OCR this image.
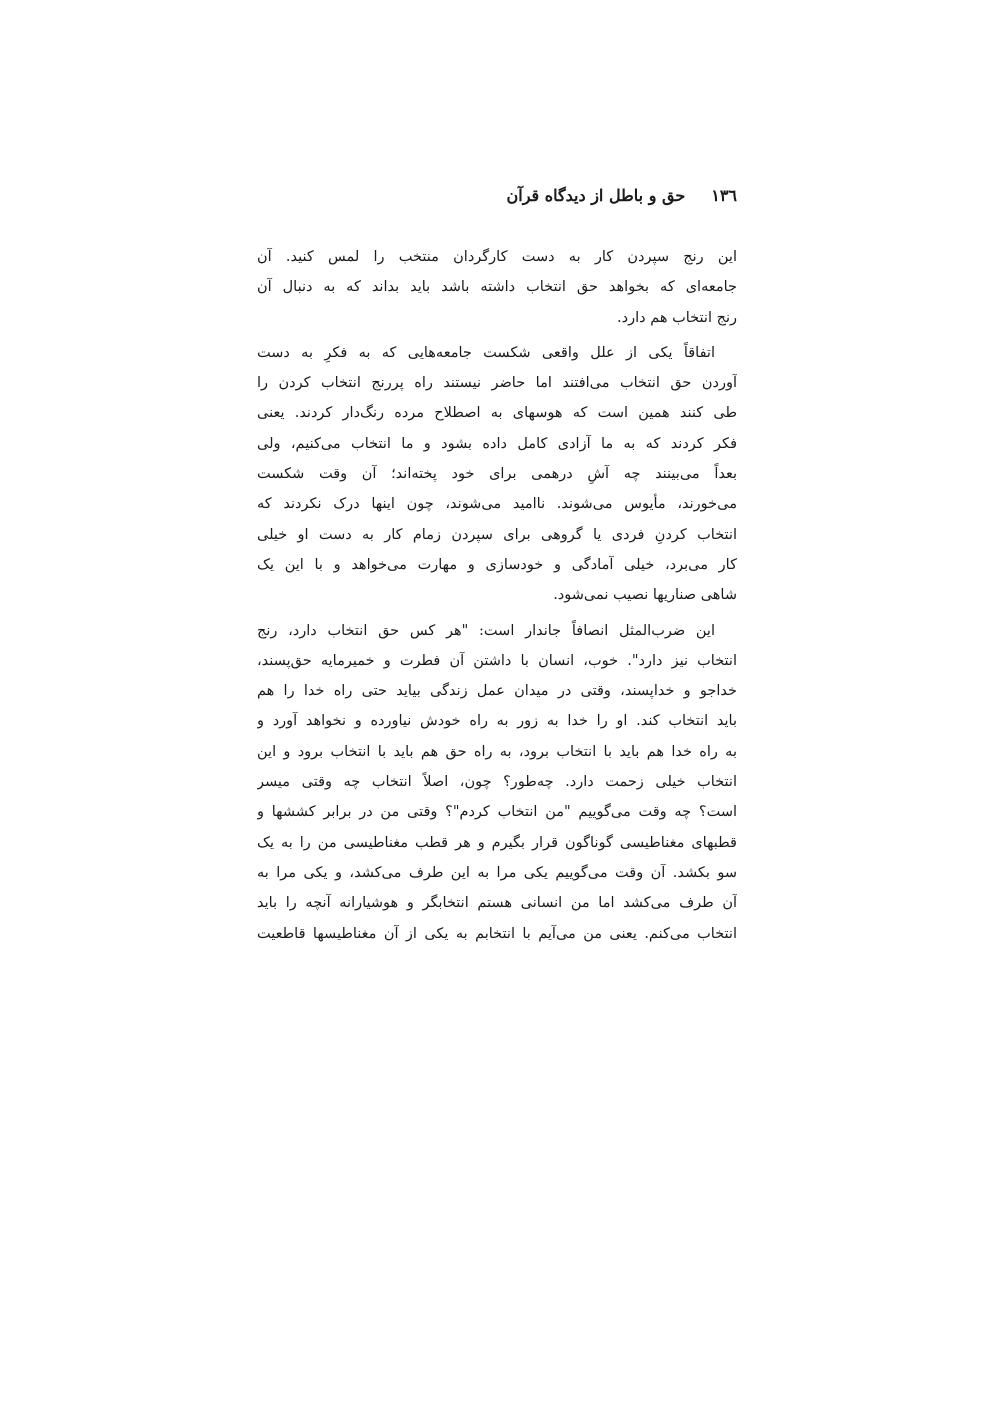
١٣٦حق و باطل از دیدگاه قرآن
این رنج سپردن کار به دست کارگردان منتخب را لمس کنید. آن
جامعه‌ای که بخواهد حق انتخاب داشته باشد باید بداند که به دنبال آن
رنج انتخاب هم دارد.
اتفاقاً یکی از علل واقعی شکست جامعه‌هایی که به فکرِ به دست
آوردن حق انتخاب می‌افتند اما حاضر نیستند راه پررنج انتخاب کردن را
طی کنند همین است که هوسهای به اصطلاح مرده رنگ‌دار کردند. یعنی
فکر کردند که به ما آزادی کامل داده بشود و ما انتخاب می‌کنیم، ولی
بعداً می‌بینند چه آشِ درهمی برای خود پخته‌اند؛ آن وقت شکست
می‌خورند، مأیوس می‌شوند. ناامید می‌شوند، چون اینها درک نکردند که
انتخاب کردنِ فردی یا گروهی برای سپردن زمام کار به دست او خیلی
کار می‌برد، خیلی آمادگی و خودسازی و مهارت می‌خواهد و با این یک
شاهی صناریها نصیب نمی‌شود.
این ضرب‌المثل انصافاً جاندار است: "هر کس حق انتخاب دارد، رنج
انتخاب نیز دارد". خوب، انسان با داشتن آن فطرت و خمیرمایه حق‌پسند،
خداجو و خداپسند، وقتی در میدان عمل زندگی بیاید حتی راه خدا را هم
باید انتخاب کند. او را خدا به زور به راه خودش نیاورده و نخواهد آورد و
به راه خدا هم باید با انتخاب برود، به راه حق هم باید با انتخاب برود و این
انتخاب خیلی زحمت دارد. چه‌طور؟ چون، اصلاً انتخاب چه وقتی میسر
است؟ چه وقت می‌گوییم "من انتخاب کردم"؟ وقتی من در برابر کششها و
قطبهای مغناطیسی گوناگون قرار بگیرم و هر قطب مغناطیسی من را به یک
سو بکشد. آن وقت می‌گوییم یکی مرا به این طرف می‌کشد، و یکی مرا به
آن طرف می‌کشد اما من انسانی هستم انتخابگر و هوشیارانه آنچه را باید
انتخاب می‌کنم. یعنی من می‌آیم با انتخابم به یکی از آن مغناطیسها قاطعیت
